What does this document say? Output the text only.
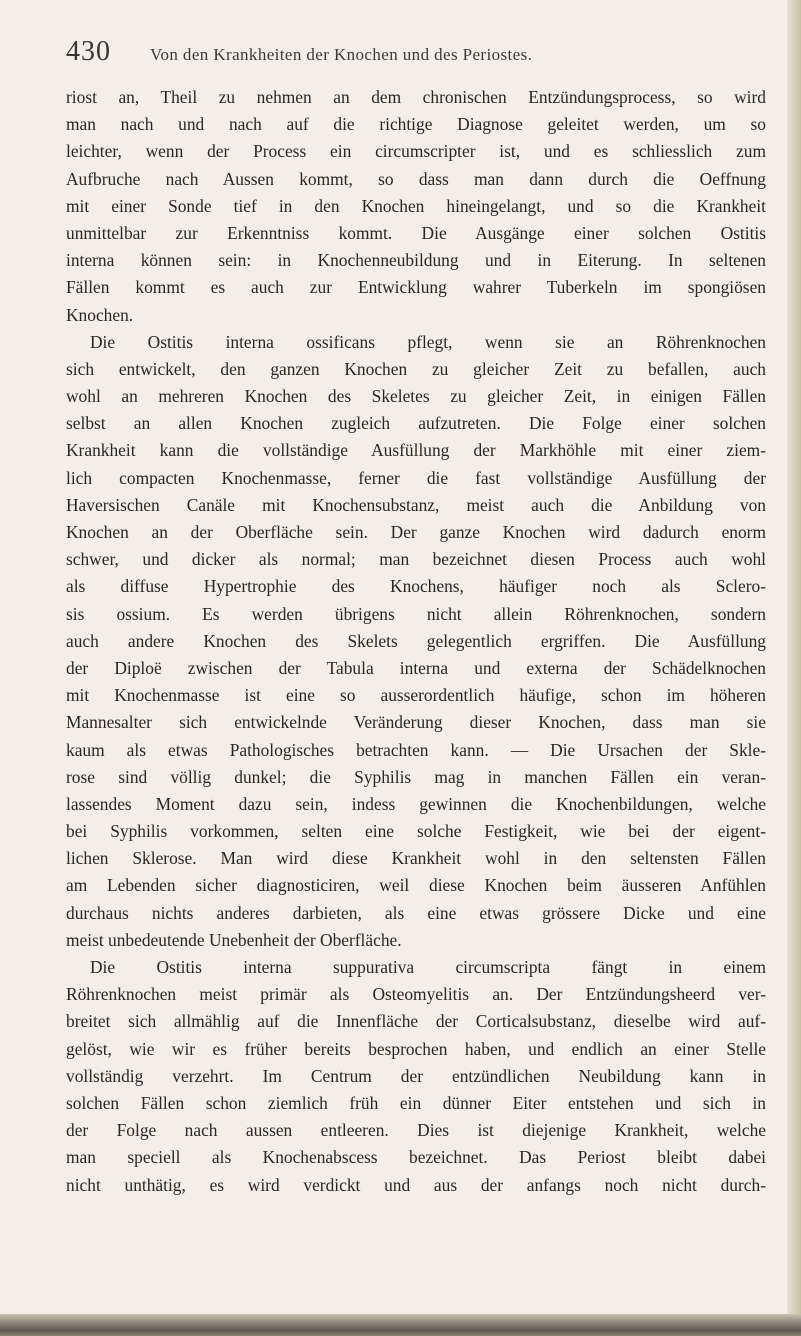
430 Von den Krankheiten der Knochen und des Periostes.
riost an, Theil zu nehmen an dem chronischen Entzündungsprocess, so wird
man nach und nach auf die richtige Diagnose geleitet werden, um so
leichter, wenn der Process ein circumscripter ist, und es schliesslich zum
Aufbruche nach Aussen kommt, so dass man dann durch die Oeffnung
mit einer Sonde tief in den Knochen hineingelangt, und so die Krankheit
unmittelbar zur Erkenntniss kommt. Die Ausgänge einer solchen Ostitis
interna können sein: in Knochenneubildung und in Eiterung. In seltenen
Fällen kommt es auch zur Entwicklung wahrer Tuberkeln im spongiösen
Knochen.
Die Ostitis interna ossificans pflegt, wenn sie an Röhrenknochen
sich entwickelt, den ganzen Knochen zu gleicher Zeit zu befallen, auch
wohl an mehreren Knochen des Skeletes zu gleicher Zeit, in einigen Fällen
selbst an allen Knochen zugleich aufzutreten. Die Folge einer solchen
Krankheit kann die vollständige Ausfüllung der Markhöhle mit einer ziem-
lich compacten Knochenmasse, ferner die fast vollständige Ausfüllung der
Haversischen Canäle mit Knochensubstanz, meist auch die Anbildung von
Knochen an der Oberfläche sein. Der ganze Knochen wird dadurch enorm
schwer, und dicker als normal; man bezeichnet diesen Process auch wohl
als diffuse Hypertrophie des Knochens, häufiger noch als Sclero-
sis ossium. Es werden übrigens nicht allein Röhrenknochen, sondern
auch andere Knochen des Skelets gelegentlich ergriffen. Die Ausfüllung
der Diploë zwischen der Tabula interna und externa der Schädelknochen
mit Knochenmasse ist eine so ausserordentlich häufige, schon im höheren
Mannesalter sich entwickelnde Veränderung dieser Knochen, dass man sie
kaum als etwas Pathologisches betrachten kann. — Die Ursachen der Skle-
rose sind völlig dunkel; die Syphilis mag in manchen Fällen ein veran-
lassendes Moment dazu sein, indess gewinnen die Knochenbildungen, welche
bei Syphilis vorkommen, selten eine solche Festigkeit, wie bei der eigent-
lichen Sklerose. Man wird diese Krankheit wohl in den seltensten Fällen
am Lebenden sicher diagnosticiren, weil diese Knochen beim äusseren Anfühlen
durchaus nichts anderes darbieten, als eine etwas grössere Dicke und eine
meist unbedeutende Unebenheit der Oberfläche.
Die Ostitis interna suppurativa circumscripta fängt in einem
Röhrenknochen meist primär als Osteomyelitis an. Der Entzündungsheerd ver-
breitet sich allmählig auf die Innenfläche der Corticalsubstanz, dieselbe wird auf-
gelöst, wie wir es früher bereits besprochen haben, und endlich an einer Stelle
vollständig verzehrt. Im Centrum der entzündlichen Neubildung kann in
solchen Fällen schon ziemlich früh ein dünner Eiter entstehen und sich in
der Folge nach aussen entleeren. Dies ist diejenige Krankheit, welche
man speciell als Knochenabscess bezeichnet. Das Periost bleibt dabei
nicht unthätig, es wird verdickt und aus der anfangs noch nicht durch-
